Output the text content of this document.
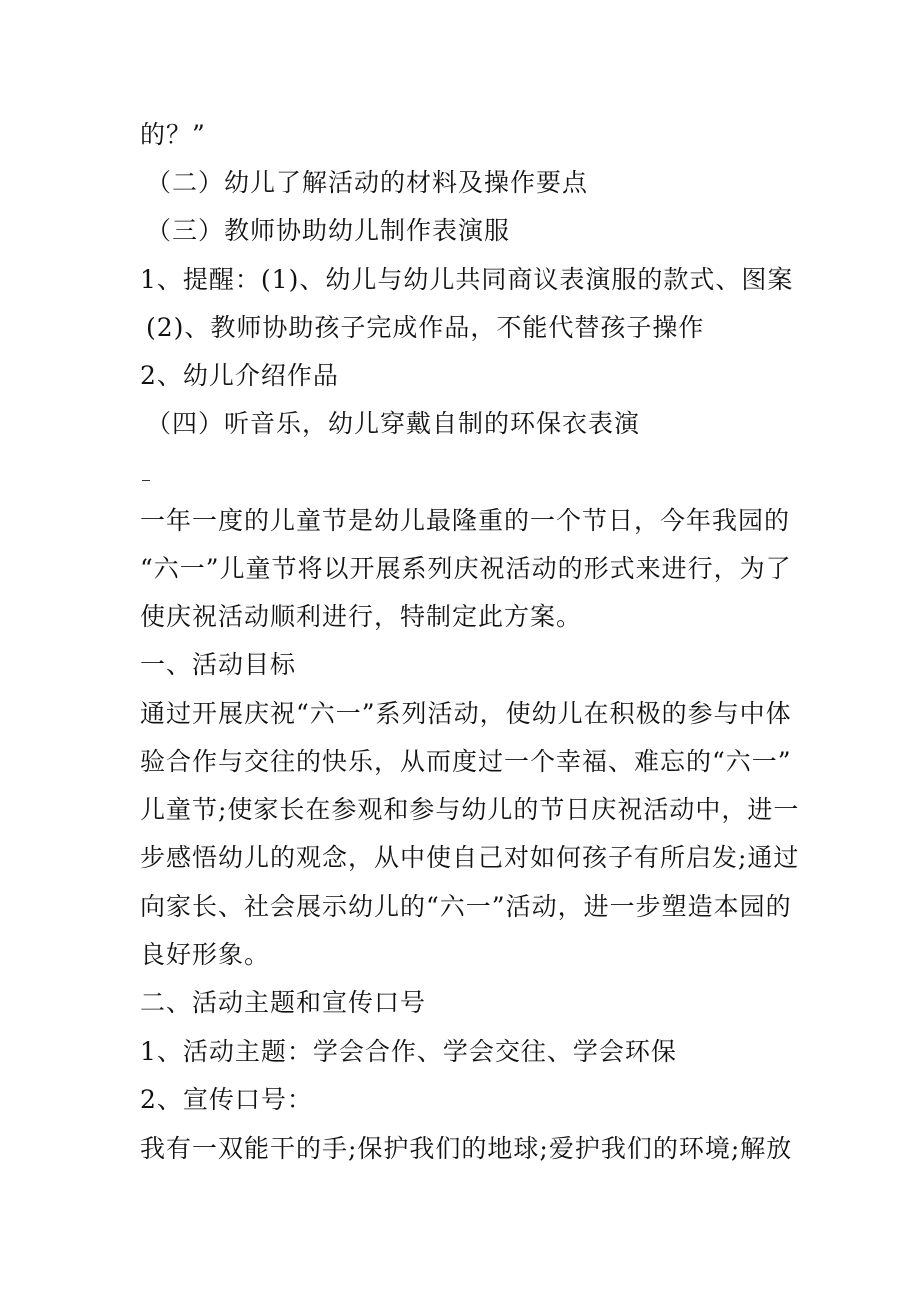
的？”
（二）幼儿了解活动的材料及操作要点
（三）教师协助幼儿制作表演服
1、提醒：(1)、幼儿与幼儿共同商议表演服的款式、图案
(2)、教师协助孩子完成作品，不能代替孩子操作
2、幼儿介绍作品
（四）听音乐，幼儿穿戴自制的环保衣表演
一年一度的儿童节是幼儿最隆重的一个节日，今年我园的
“六一”儿童节将以开展系列庆祝活动的形式来进行，为了
使庆祝活动顺利进行，特制定此方案。
一、活动目标
通过开展庆祝“六一”系列活动，使幼儿在积极的参与中体
验合作与交往的快乐，从而度过一个幸福、难忘的“六一”
儿童节;使家长在参观和参与幼儿的节日庆祝活动中，进一
步感悟幼儿的观念，从中使自己对如何孩子有所启发;通过
向家长、社会展示幼儿的“六一”活动，进一步塑造本园的
良好形象。
二、活动主题和宣传口号
1、活动主题：学会合作、学会交往、学会环保
2、宣传口号：
我有一双能干的手;保护我们的地球;爱护我们的环境;解放
